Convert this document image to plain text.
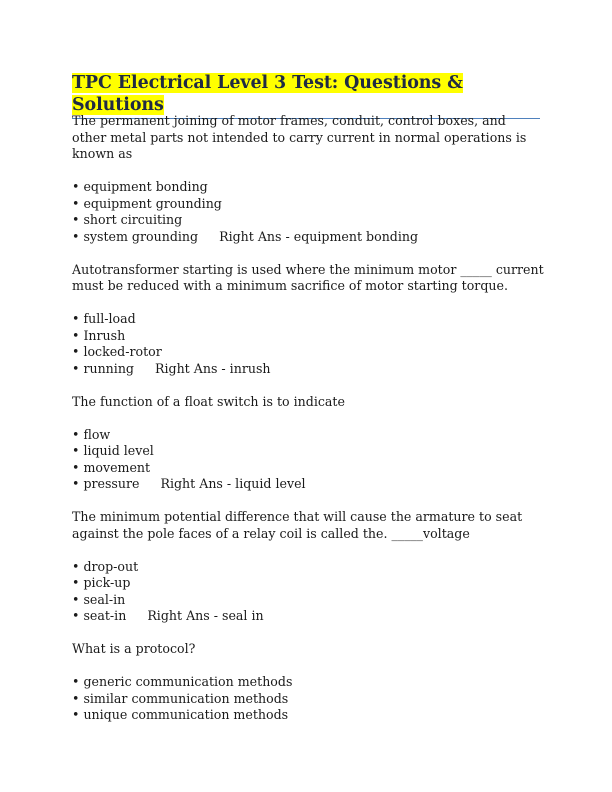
TPC Electrical Level 3 Test: Questions & Solutions

The permanent joining of motor frames, conduit, control boxes, and other metal parts not intended to carry current in normal operations is known as

• equipment bonding
• equipment grounding
• short circuiting
• system grounding Right Ans - equipment bonding

Autotransformer starting is used where the minimum motor _____ current must be reduced with a minimum sacrifice of motor starting torque.

• full-load
• Inrush
• locked-rotor
• running Right Ans - inrush

The function of a float switch is to indicate

• flow
• liquid level
• movement
• pressure Right Ans - liquid level

The minimum potential difference that will cause the armature to seat against the pole faces of a relay coil is called the. _____voltage

• drop-out
• pick-up
• seal-in
• seat-in Right Ans - seal in

What is a protocol?

• generic communication methods
• similar communication methods
• unique communication methods
